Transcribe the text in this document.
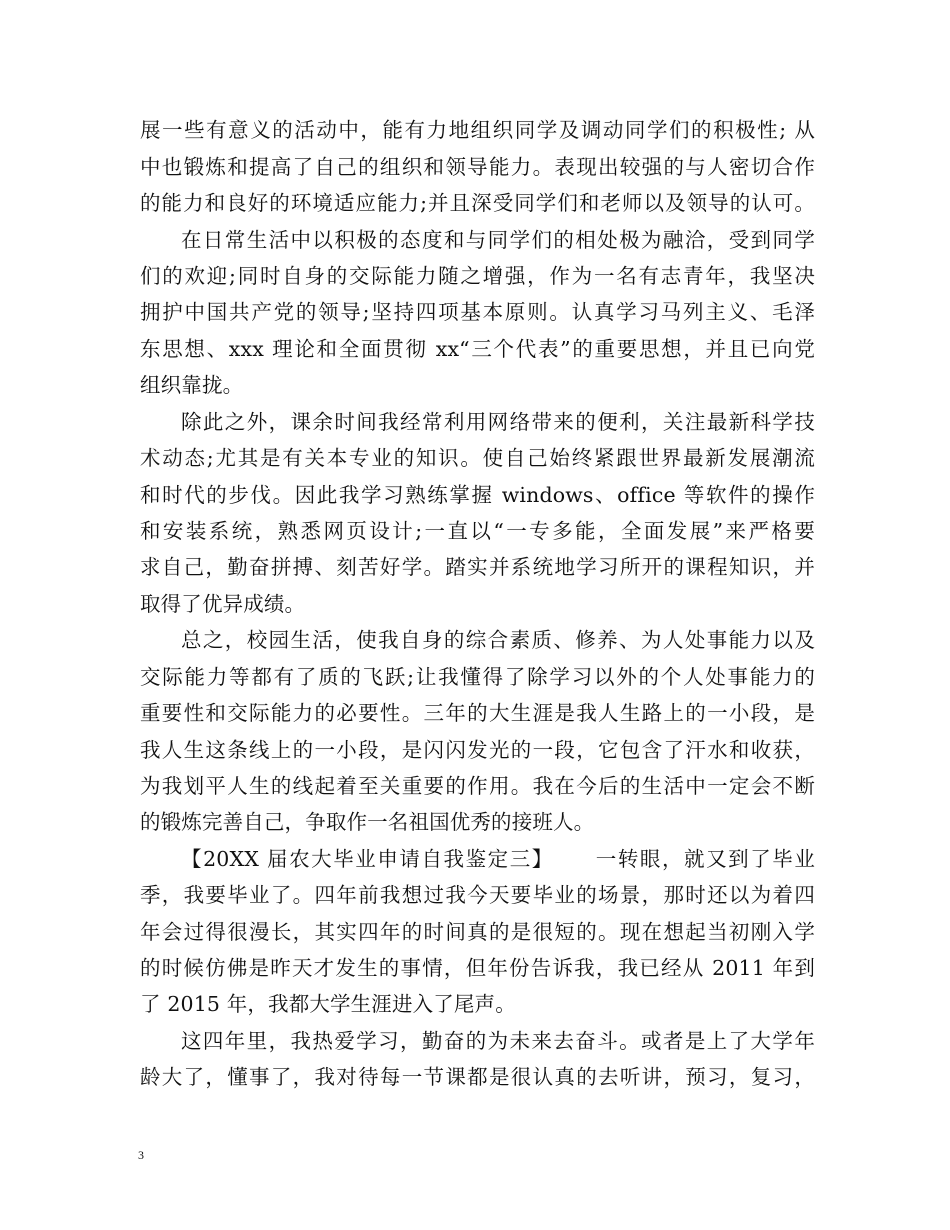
展一些有意义的活动中，能有力地组织同学及调动同学们的积极性; 从
中也锻炼和提高了自己的组织和领导能力。表现出较强的与人密切合作
的能力和良好的环境适应能力;并且深受同学们和老师以及领导的认可。
在日常生活中以积极的态度和与同学们的相处极为融洽，受到同学
们的欢迎;同时自身的交际能力随之增强，作为一名有志青年，我坚决
拥护中国共产党的领导;坚持四项基本原则。认真学习马列主义、毛泽
东思想、xxx 理论和全面贯彻 xx“三个代表”的重要思想，并且已向党
组织靠拢。
除此之外，课余时间我经常利用网络带来的便利，关注最新科学技
术动态;尤其是有关本专业的知识。使自己始终紧跟世界最新发展潮流
和时代的步伐。因此我学习熟练掌握 windows、office 等软件的操作
和安装系统，熟悉网页设计;一直以“一专多能，全面发展”来严格要
求自己，勤奋拼搏、刻苦好学。踏实并系统地学习所开的课程知识，并
取得了优异成绩。
总之，校园生活，使我自身的综合素质、修养、为人处事能力以及
交际能力等都有了质的飞跃;让我懂得了除学习以外的个人处事能力的
重要性和交际能力的必要性。三年的大生涯是我人生路上的一小段，是
我人生这条线上的一小段，是闪闪发光的一段，它包含了汗水和收获，
为我划平人生的线起着至关重要的作用。我在今后的生活中一定会不断
的锻炼完善自己，争取作一名祖国优秀的接班人。
【20XX 届农大毕业申请自我鉴定三】　　 一转眼，就又到了毕业
季，我要毕业了。四年前我想过我今天要毕业的场景，那时还以为着四
年会过得很漫长，其实四年的时间真的是很短的。现在想起当初刚入学
的时候仿佛是昨天才发生的事情，但年份告诉我，我已经从 2011 年到
了 2015 年，我都大学生涯进入了尾声。
这四年里，我热爱学习，勤奋的为未来去奋斗。或者是上了大学年
龄大了，懂事了，我对待每一节课都是很认真的去听讲，预习，复习，
3
